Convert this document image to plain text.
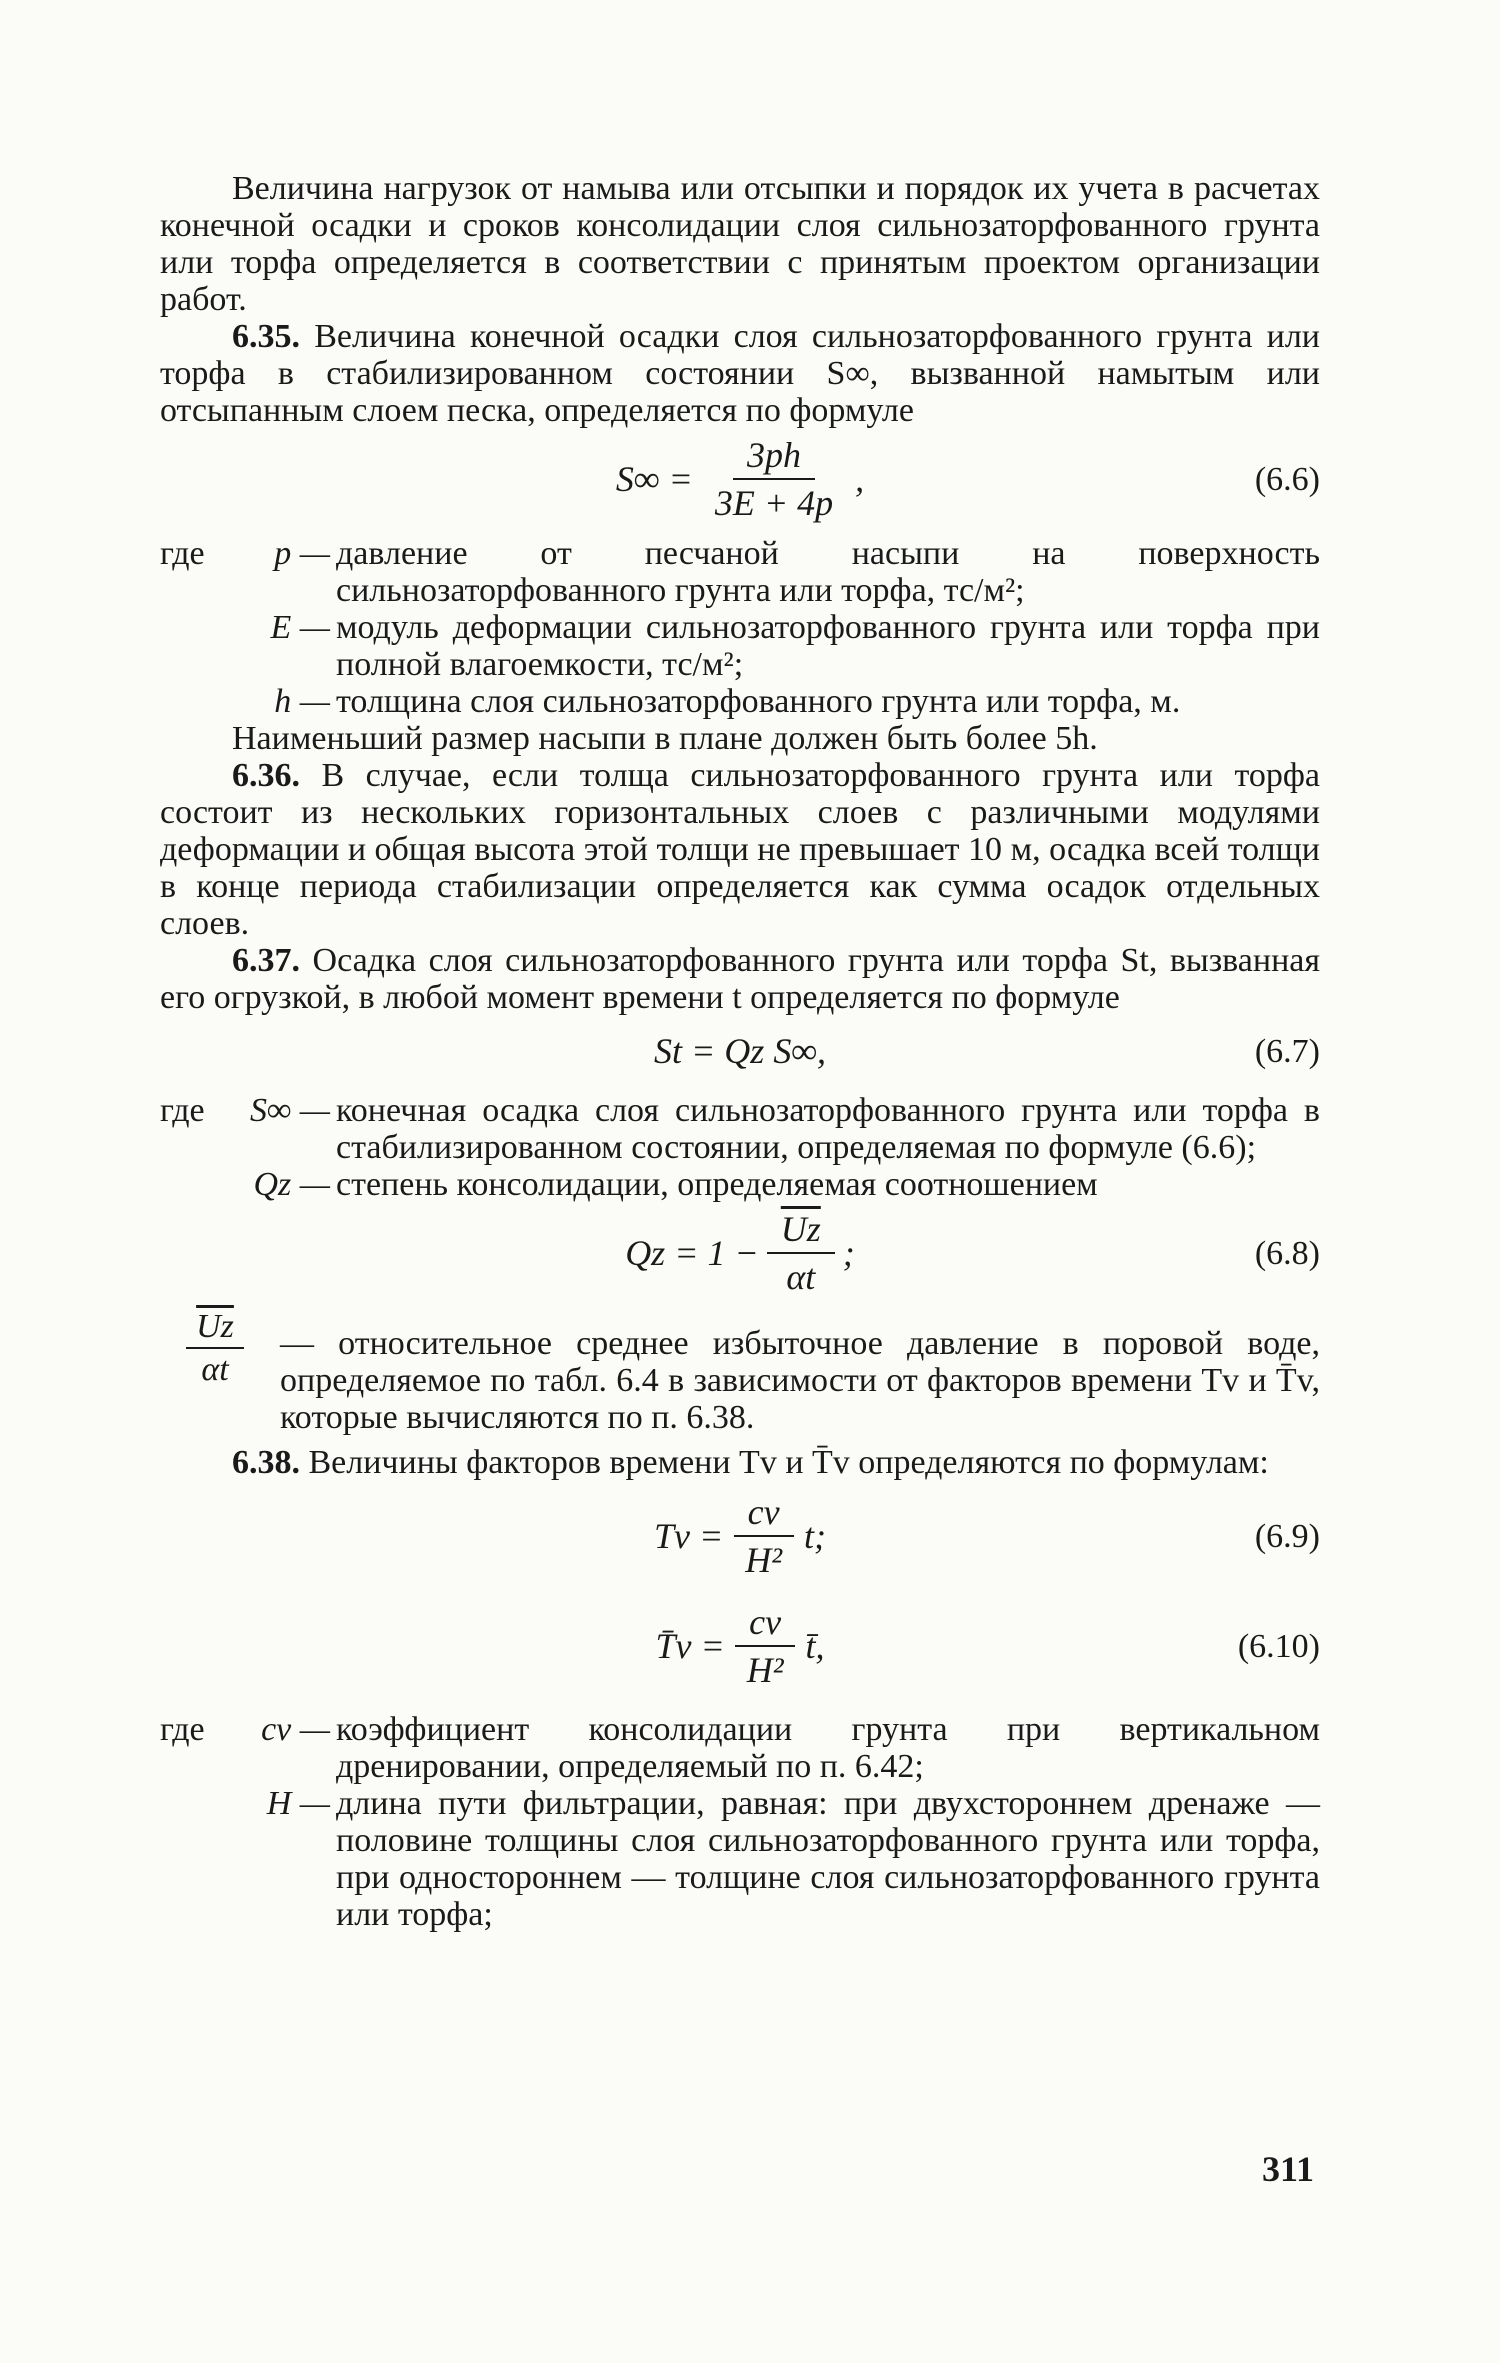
Величина нагрузок от намыва или отсыпки и порядок их учета в расчетах конечной осадки и сроков консолидации слоя сильнозаторфованного грунта или торфа определяется в соответствии с принятым проектом организации работ.

6.35. Величина конечной осадки слоя сильнозаторфованного грунта или торфа в стабилизированном состоянии S∞, вызванной намытым или отсыпанным слоем песка, определяется по формуле

$S\infty = \frac{3ph}{3E + 4p}$ ,	(6.6)
где	p — давление от песчаной насыпи на поверхность сильнозаторфованного грунта или торфа, тс/м²;
E — модуль деформации сильнозаторфованного грунта или торфа при полной влагоемкости, тс/м²;
h — толщина слоя сильнозаторфованного грунта или торфа, м.

Наименьший размер насыпи в плане должен быть более 5h.

6.36. В случае, если толща сильнозаторфованного грунта или торфа состоит из нескольких горизонтальных слоев с различными модулями деформации и общая высота этой толщи не превышает 10 м, осадка всей толщи в конце периода стабилизации определяется как сумма осадок отдельных слоев.

6.37. Осадка слоя сильнозаторфованного грунта или торфа St, вызванная его огрузкой, в любой момент времени t определяется по формуле

St = Qz S∞,	(6.7)
где	S∞ — конечная осадка слоя сильнозаторфованного грунта или торфа в стабилизированном состоянии, определяемая по формуле (6.6);
Qz — степень консолидации, определяемая соотношением
$Qz = 1 - \frac{\overline{Uz}}{\alpha t}$ ;	(6.8)
$\frac{\overline{Uz}}{\alpha t}$ — относительное среднее избыточное давление в поровой воде, определяемое по табл. 6.4 в зависимости от факторов времени Tv и T̄v, которые вычисляются по п. 6.38.

6.38. Величины факторов времени Tv и T̄v определяются по формулам:

$Tv = \frac{cv}{\text{H²}} t$;	(6.9)
T̄v = $\frac{cv}{\text{H²}}$ t̄,	(6.10)
где	cv — коэффициент консолидации грунта при вертикальном дренировании, определяемый по п. 6.42;
H — длина пути фильтрации, равная: при двухстороннем дренаже — половине толщины слоя сильнозаторфованного грунта или торфа, при одностороннем — толщине слоя сильнозаторфованного грунта или торфа;
311
